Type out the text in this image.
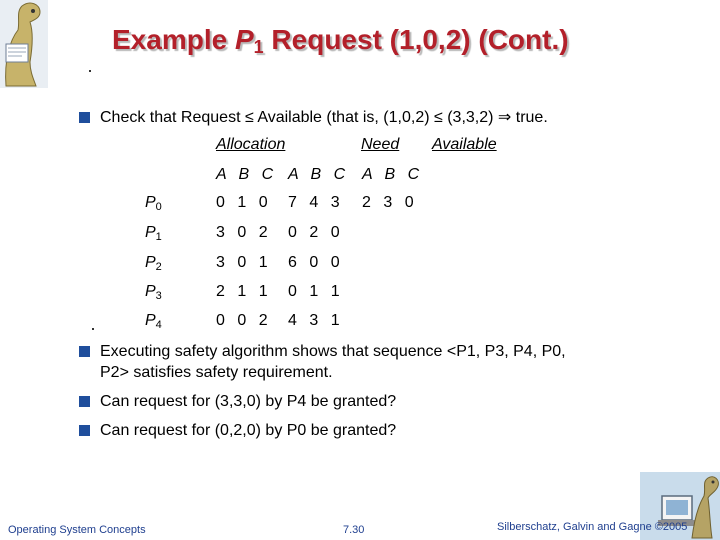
Example $P_1$ Request (1,0,2) (Cont.)
Check that Request ≤ Available (that is, (1,0,2) ≤ (3,3,2) ⇒ true.
Allocation	Need Available
A B C A B C A B C
$P_0$	0 1 0 7 4 3 2 3 0
$P_1$	3 0 2 0 2 0
$P_2$	3 0 1 6 0 0
$P_3$	2 1 1 0 1 1
$P_4$	0 0 2 4 3 1
Executing safety algorithm shows that sequence <P1, P3, P4, P0,
P2> satisfies safety requirement.
Can request for (3,3,0) by P4 be granted?
Can request for (0,2,0) by P0 be granted?
Operating System Concepts	7.30	Silberschatz, Galvin and Gagne ©2005
